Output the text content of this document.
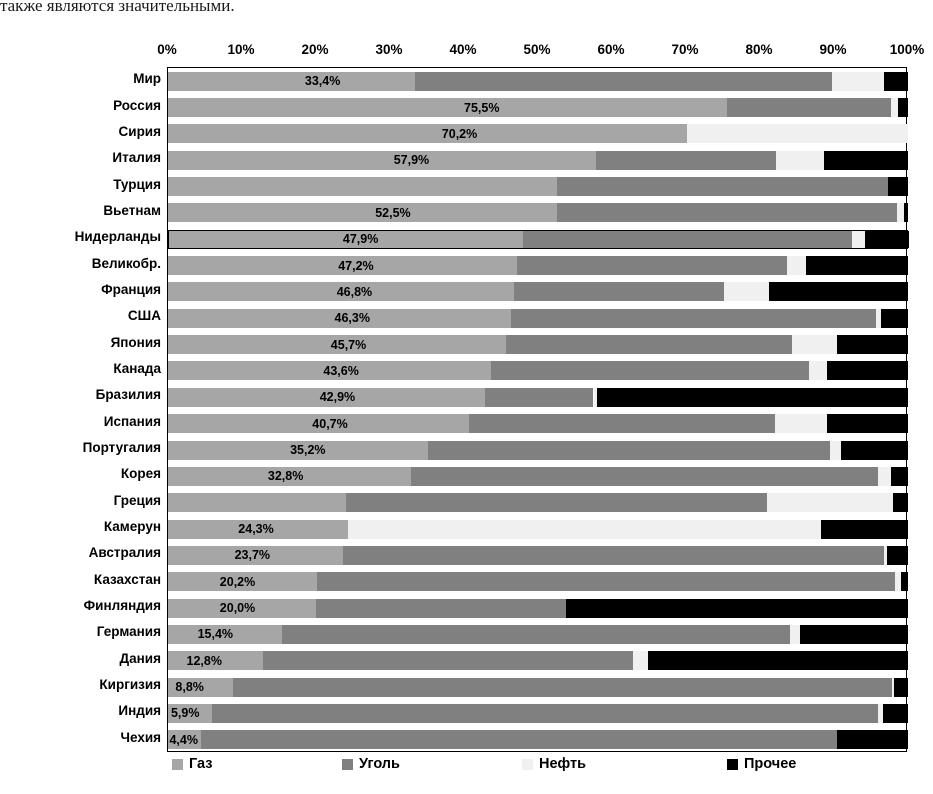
также являются значительными.
0%	10%	20%	30%	40%	50%	60%	70%	80%	90%	100%
33,4%
75,5%
70,2%
57,9%
52,5%
47,9%
47,2%
46,8%
46,3%
45,7%
43,6%
42,9%
40,7%
35,2%
32,8%
24,3%
23,7%
20,2%
20,0%
15,4%
12,8%
8,8%
5,9%
4,4%
Мир
Россия
Сирия
Италия
Турция
Вьетнам
Нидерланды
Великобр.
Франция
США
Япония
Канада
Бразилия
Испания
Португалия
Корея
Греция
Камерун
Австралия
Казахстан
Финляндия
Германия
Дания
Киргизия
Индия
Чехия
Газ	Уголь	Нефть	Прочее
